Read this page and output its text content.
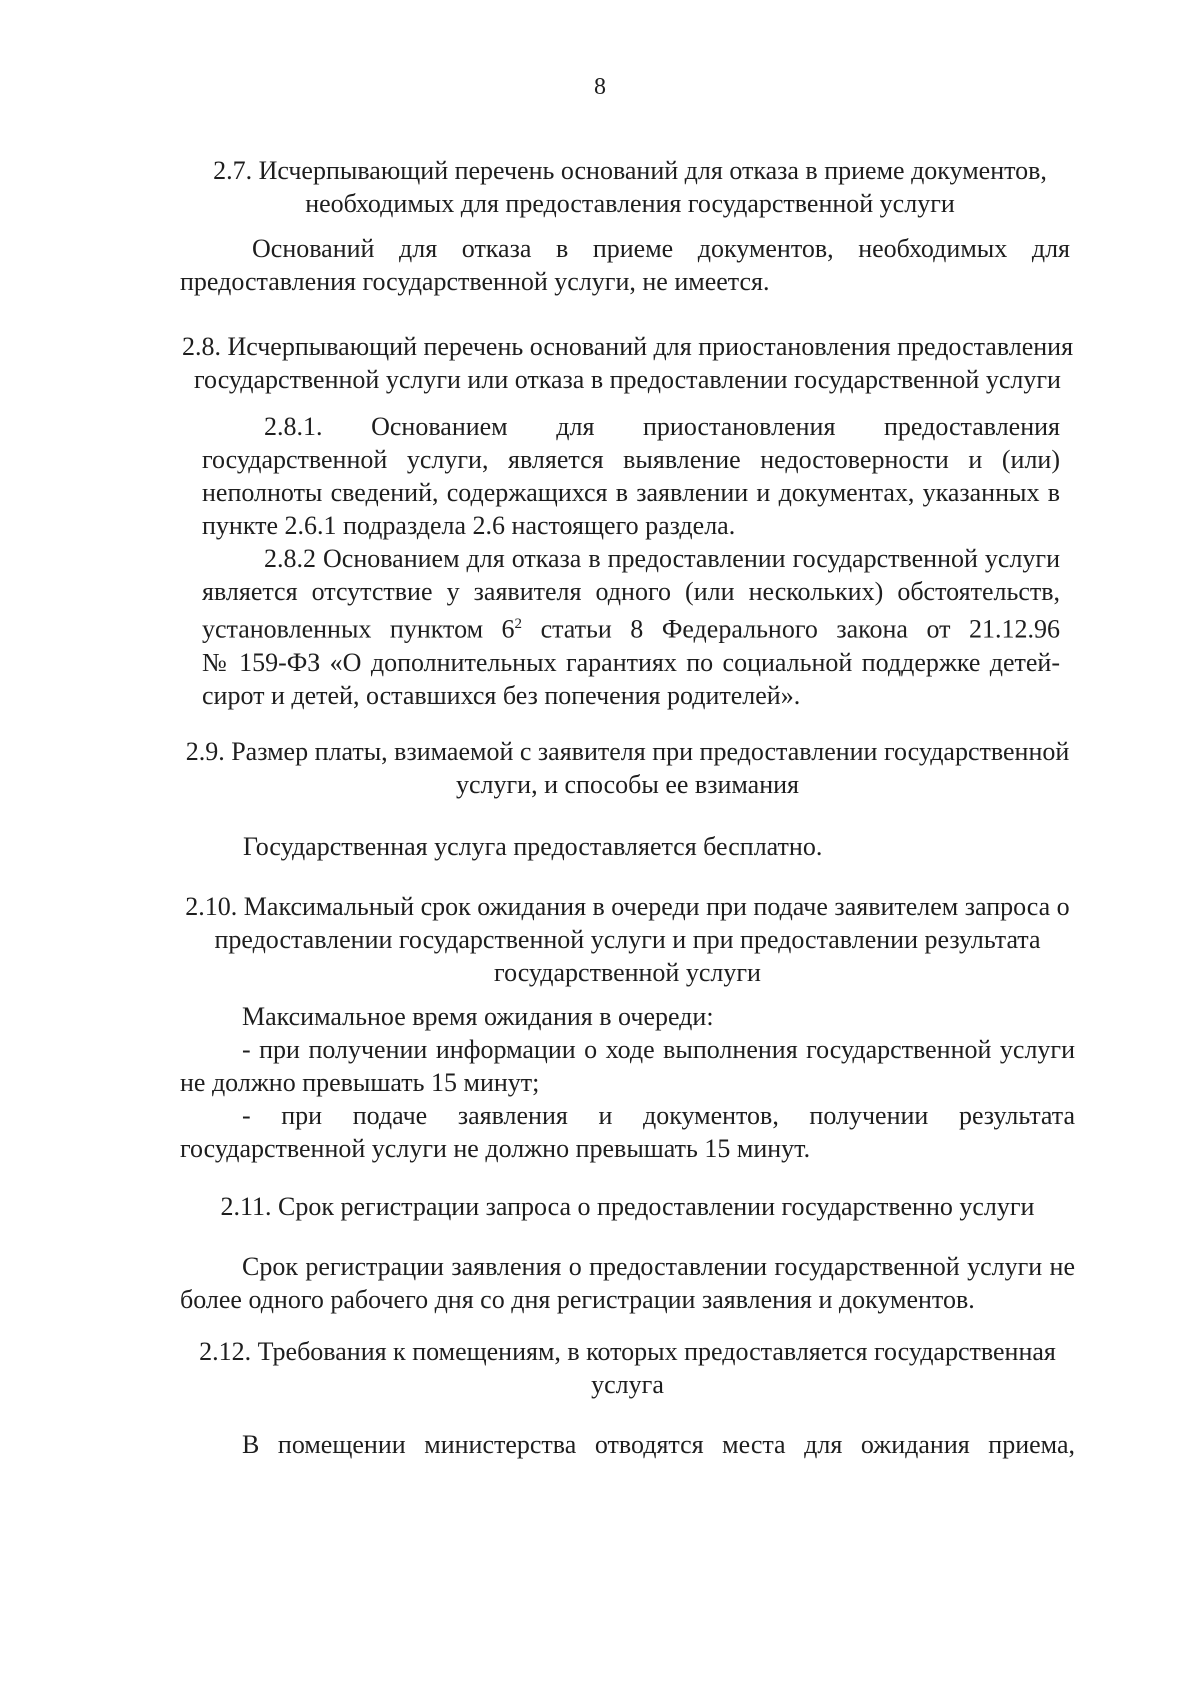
8
2.7. Исчерпывающий перечень оснований для отказа в приеме документов,
необходимых для предоставления государственной услуги
Оснований для отказа в приеме документов, необходимых для
предоставления государственной услуги, не имеется.
2.8. Исчерпывающий перечень оснований для приостановления предоставления
государственной услуги или отказа в предоставлении государственной услуги
2.8.1. Основанием для приостановления предоставления
государственной услуги, является выявление недостоверности и (или)
неполноты сведений, содержащихся в заявлении и документах, указанных в
пункте 2.6.1 подраздела 2.6 настоящего раздела.
2.8.2 Основанием для отказа в предоставлении государственной услуги
является отсутствие у заявителя одного (или нескольких) обстоятельств,
установленных пунктом $6^2$ статьи 8 Федерального закона от 21.12.96
№ 159-ФЗ «О дополнительных гарантиях по социальной поддержке детей-
сирот и детей, оставшихся без попечения родителей».
2.9. Размер платы, взимаемой с заявителя при предоставлении государственной
услуги, и способы ее взимания
Государственная услуга предоставляется бесплатно.
2.10. Максимальный срок ожидания в очереди при подаче заявителем запроса о
предоставлении государственной услуги и при предоставлении результата
государственной услуги
Максимальное время ожидания в очереди:
- при получении информации о ходе выполнения государственной услуги
не должно превышать 15 минут;
- при подаче заявления и документов, получении результата
государственной услуги не должно превышать 15 минут.
2.11. Срок регистрации запроса о предоставлении государственно услуги
Срок регистрации заявления о предоставлении государственной услуги не
более одного рабочего дня со дня регистрации заявления и документов.
2.12. Требования к помещениям, в которых предоставляется государственная
услуга
В помещении министерства отводятся места для ожидания приема,
